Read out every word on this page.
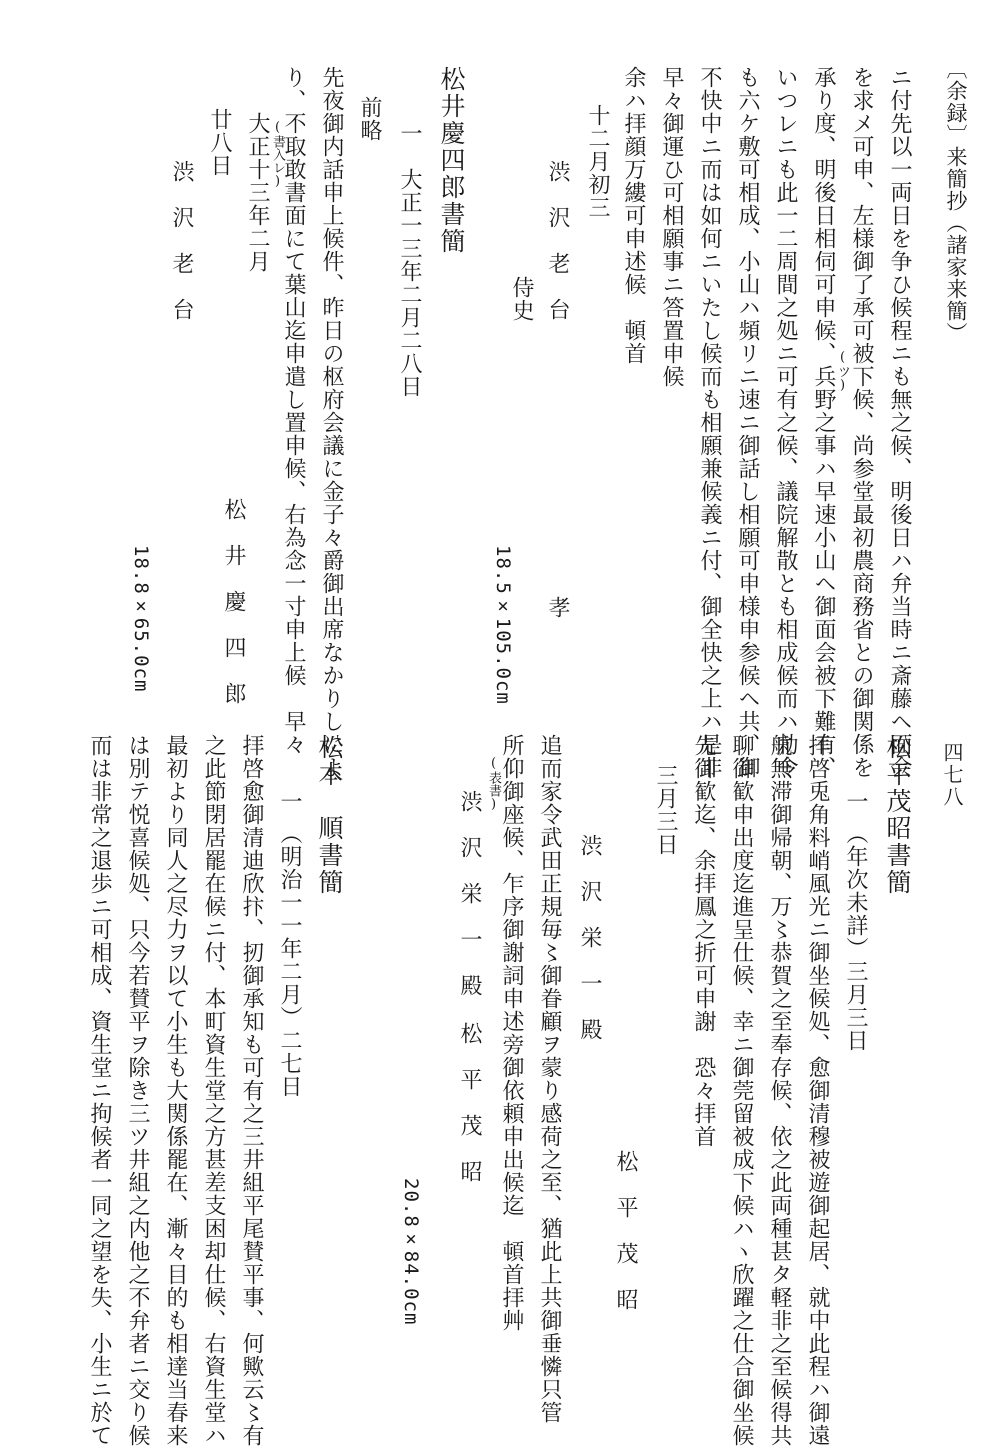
〔余録〕来簡抄（諸家来簡）
四七八
ニ付先以一両日を争ひ候程ニも無之候、明後日ハ弁当時ニ斎藤ヘ面会
を求メ可申、左様御了承可被下候、尚参堂最初農商務省との御関係を
承り度、明後日相伺可申候、兵野之事ハ早速小山ヘ御面会被下難有、 (ツ)
いつレニも此一二周間之処ニ可有之候、議院解散とも相成候而ハ勅令
も六ケ敷可相成、小山ハ頻リニ速ニ御話し相願可申様申参候ヘ共、御
不快中ニ而は如何ニいたし候而も相願兼候義ニ付、御全快之上ハ是非
早々御運ひ可相願事ニ答置申候
余ハ拝顔万縷可申述候　頓首
十二月初三
渋　沢　老　台
侍史
孝
18.5×105.0cm
松井慶四郎書簡
一
大正一三年二月二八日
前略
先夜御内話申上候件、昨日の枢府会議に金子々爵御出席なかりしによ
り、不取敢書面にて葉山迄申遣し置申候、右為念一寸申上候　早々
(書入レ)
大正十三年二月
廿八日
松　井　慶　四　郎
渋　沢　老　台
18.8×65.0cm
松平茂昭書簡
一
（年次未詳）三月三日
拝啓兎角料峭風光ニ御坐候処、愈御清穆被遊御起居、就中此程ハ御遠
航無滞御帰朝、万〻恭賀之至奉存候、依之此両種甚タ軽非之至候得共
聊御歓申出度迄進呈仕候、幸ニ御莞留被成下候ハヽ欣躍之仕合御坐候
先御歓迄、余拝鳳之折可申謝　恐々拝首
三月三日
松　平　茂　昭
渋　沢　栄　一　殿
追而家令武田正規毎〻御眷顧ヲ蒙り感荷之至、猶此上共御垂憐只管
所仰御座候、乍序御謝詞申述旁御依頼申出候迄　頓首拝艸
(表書)
渋　沢　栄　一　殿
松　平　茂　昭
20.8×84.0cm
松本　順書簡
一
（明治一一年二月）二七日
拝啓愈御清迪欣抃、扨御承知も可有之三井組平尾賛平事、何歟云〻有
之此節閉居罷在候ニ付、本町資生堂之方甚差支困却仕候、右資生堂ハ
最初より同人之尽力ヲ以て小生も大関係罷在、漸々目的も相達当春来
は別テ悦喜候処、只今若賛平ヲ除き三ツ井組之内他之不弁者ニ交り候
而は非常之退歩ニ可相成、資生堂ニ拘候者一同之望を失、小生ニ於て
